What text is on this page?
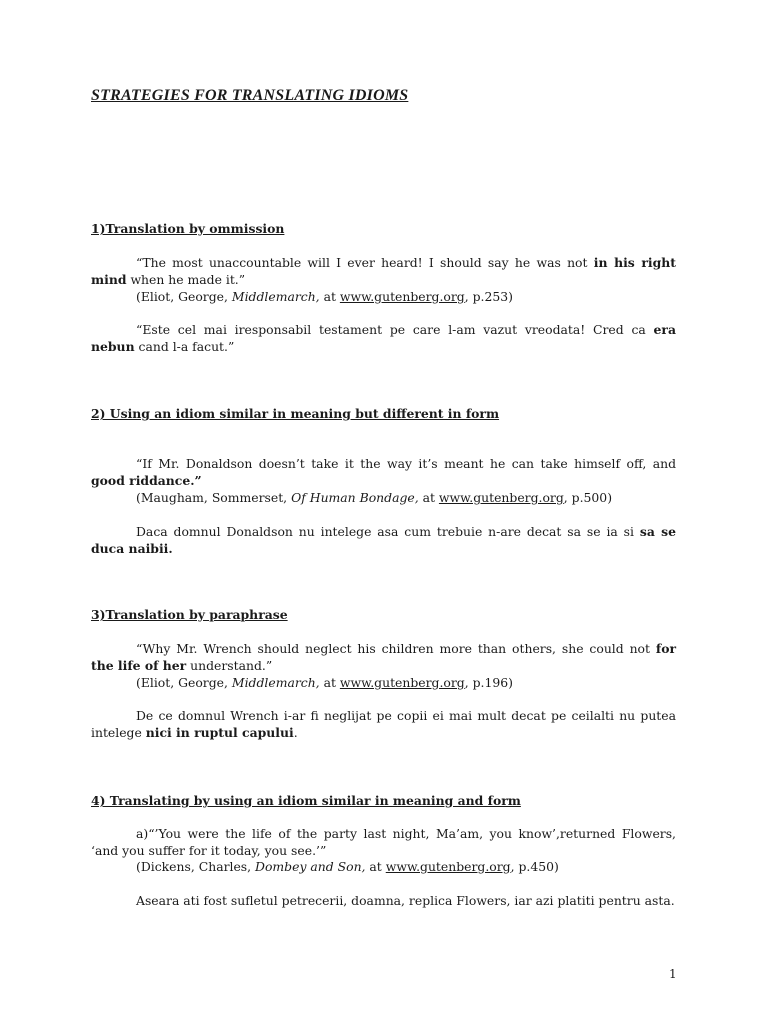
STRATEGIES FOR TRANSLATING IDIOMS
1)Translation by ommission

“The most unaccountable will I ever heard! I should say he was not in his right mind when he made it.”

(Eliot, George, Middlemarch, at www.gutenberg.org, p.253)

“Este cel mai iresponsabil testament pe care l-am vazut vreodata! Cred ca era nebun cand l-a facut.”

2) Using an idiom similar in meaning but different in form

“If Mr. Donaldson doesn’t take it the way it’s meant he can take himself off, and good riddance.”

(Maugham, Sommerset, Of Human Bondage, at www.gutenberg.org, p.500)

Daca domnul Donaldson nu intelege asa cum trebuie n-are decat sa se ia si sa se duca naibii.

3)Translation by paraphrase

“Why Mr. Wrench should neglect his children more than others, she could not for the life of her understand.”

(Eliot, George, Middlemarch, at www.gutenberg.org, p.196)

De ce domnul Wrench i-ar fi neglijat pe copii ei mai mult decat pe ceilalti nu putea intelege nici in ruptul capului.

4) Translating by using an idiom similar in meaning and form

a)“’You were the life of the party last night, Ma’am, you know’,returned Flowers, ‘and you suffer for it today, you see.’”

(Dickens, Charles, Dombey and Son, at www.gutenberg.org, p.450)

Aseara ati fost sufletul petrecerii, doamna, replica Flowers, iar azi platiti pentru asta.

1
